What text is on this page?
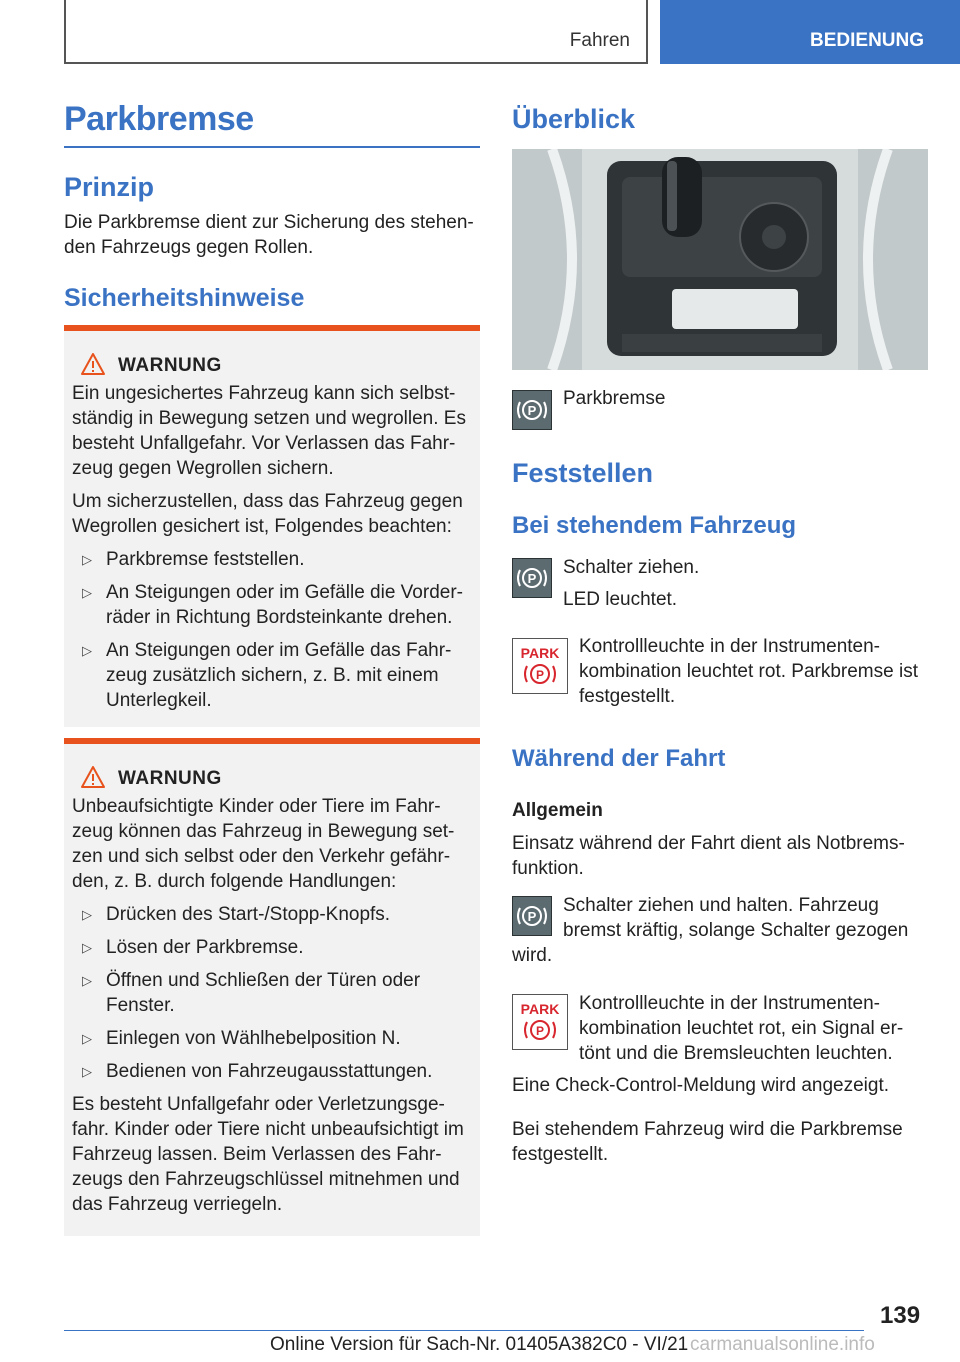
Fahren	BEDIENUNG
Parkbremse
Prinzip
Die Parkbremse dient zur Sicherung des stehen-den Fahrzeugs gegen Rollen.
Sicherheitshinweise
WARNUNG

Ein ungesichertes Fahrzeug kann sich selbst-ständig in Bewegung setzen und wegrollen. Es besteht Unfallgefahr. Vor Verlassen das Fahr-zeug gegen Wegrollen sichern.

Um sicherzustellen, dass das Fahrzeug gegen Wegrollen gesichert ist, Folgendes beachten:

▷ Parkbremse feststellen.
▷ An Steigungen oder im Gefälle die Vorder-räder in Richtung Bordsteinkante drehen.
▷ An Steigungen oder im Gefälle das Fahr-zeug zusätzlich sichern, z. B. mit einem Unterlegkeil.
WARNUNG

Unbeaufsichtigte Kinder oder Tiere im Fahr-zeug können das Fahrzeug in Bewegung set-zen und sich selbst oder den Verkehr gefähr-den, z. B. durch folgende Handlungen:

▷ Drücken des Start-/Stopp-Knopfs.
▷ Lösen der Parkbremse.
▷ Öffnen und Schließen der Türen oder Fenster.
▷ Einlegen von Wählhebelposition N.
▷ Bedienen von Fahrzeugausstattungen.

Es besteht Unfallgefahr oder Verletzungsge-fahr. Kinder oder Tiere nicht unbeaufsichtigt im Fahrzeug lassen. Beim Verlassen des Fahr-zeugs den Fahrzeugschlüssel mitnehmen und das Fahrzeug verriegeln.

Überblick
P
Parkbremse
Feststellen
Bei stehendem Fahrzeug
P
Schalter ziehen.
LED leuchtet.
PARK
P
Kontrollleuchte in der Instrumenten-kombination leuchtet rot. Parkbremse ist festgestellt.
Während der Fahrt
Allgemein
Einsatz während der Fahrt dient als Notbrems-funktion.
P
Schalter ziehen und halten. Fahrzeug
bremst kräftig, solange Schalter gezogen
wird.
PARK
P
Kontrollleuchte in der Instrumenten-kombination leuchtet rot, ein Signal er-tönt und die Bremsleuchten leuchten.
Eine Check-Control-Meldung wird angezeigt.
Bei stehendem Fahrzeug wird die Parkbremse festgestellt.
139
Online Version für Sach-Nr. 01405A382C0 - VI/21 carmanualsonline.info
